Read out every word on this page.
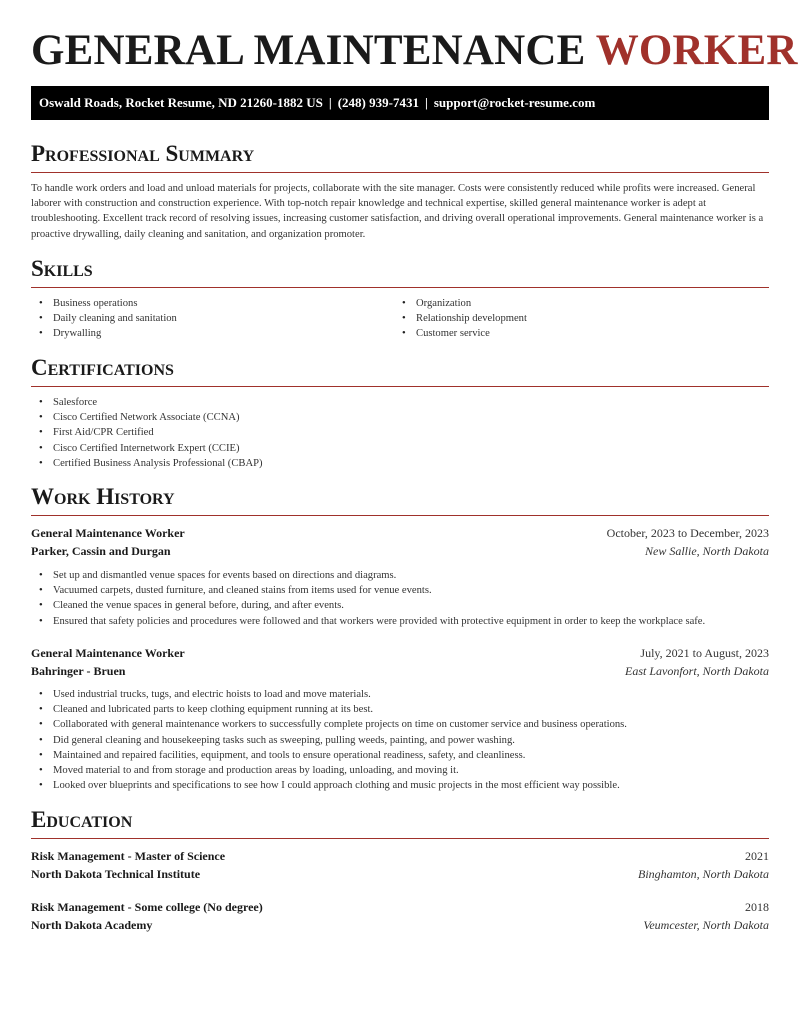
GENERAL MAINTENANCE WORKER
Oswald Roads, Rocket Resume, ND 21260-1882 US | (248) 939-7431 | support@rocket-resume.com
Professional Summary

To handle work orders and load and unload materials for projects, collaborate with the site manager. Costs were consistently reduced while profits were increased. General laborer with construction and construction experience. With top-notch repair knowledge and technical expertise, skilled general maintenance worker is adept at troubleshooting. Excellent track record of resolving issues, increasing customer satisfaction, and driving overall operational improvements. General maintenance worker is a proactive drywalling, daily cleaning and sanitation, and organization promoter.

Skills
• Business operations
• Daily cleaning and sanitation
• Drywalling
• Organization
• Relationship development
• Customer service
Certifications
• Salesforce
• Cisco Certified Network Associate (CCNA)
• First Aid/CPR Certified
• Cisco Certified Internetwork Expert (CCIE)
• Certified Business Analysis Professional (CBAP)
Work History
General Maintenance Worker	October, 2023 to December, 2023
Parker, Cassin and Durgan	New Sallie, North Dakota
• Set up and dismantled venue spaces for events based on directions and diagrams.
• Vacuumed carpets, dusted furniture, and cleaned stains from items used for venue events.
• Cleaned the venue spaces in general before, during, and after events.
• Ensured that safety policies and procedures were followed and that workers were provided with protective equipment in order to keep the workplace safe.
General Maintenance Worker	July, 2021 to August, 2023
Bahringer - Bruen	East Lavonfort, North Dakota
• Used industrial trucks, tugs, and electric hoists to load and move materials.
• Cleaned and lubricated parts to keep clothing equipment running at its best.
• Collaborated with general maintenance workers to successfully complete projects on time on customer service and business operations.
• Did general cleaning and housekeeping tasks such as sweeping, pulling weeds, painting, and power washing.
• Maintained and repaired facilities, equipment, and tools to ensure operational readiness, safety, and cleanliness.
• Moved material to and from storage and production areas by loading, unloading, and moving it.
• Looked over blueprints and specifications to see how I could approach clothing and music projects in the most efficient way possible.
Education
Risk Management - Master of Science	2021
North Dakota Technical Institute	Binghamton, North Dakota
Risk Management - Some college (No degree)	2018
North Dakota Academy	Veumcester, North Dakota
